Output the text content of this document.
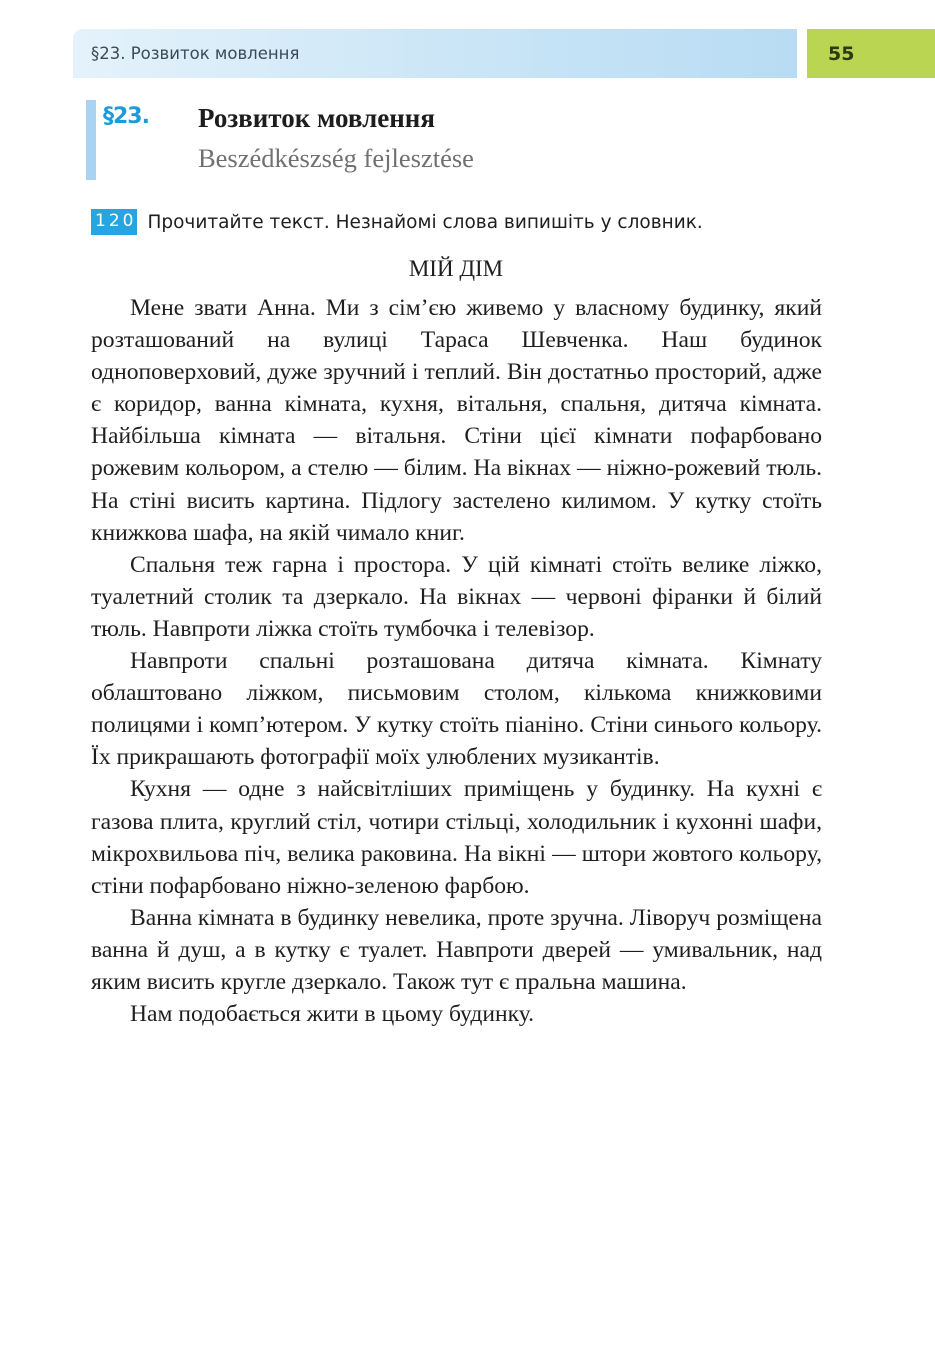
§23. Розвиток мовлення	55
§23. Розвиток мовлення
Beszédkészség fejlesztése
120 Прочитайте текст. Незнайомі слова випишіть у словник.
МІЙ ДІМ

Мене звати Анна. Ми з сім’єю живемо у власному будинку, який розташований на вулиці Тараса Шевченка. Наш будинок одноповерховий, дуже зручний і теплий. Він достатньо просторий, адже є коридор, ванна кімната, кухня, вітальня, спальня, дитяча кімната. Найбільша кімната — вітальня. Стіни цієї кімнати пофарбовано рожевим кольором, а стелю — білим. На вікнах — ніжно-рожевий тюль. На стіні висить картина. Підлогу застелено килимом. У кутку стоїть книжкова шафа, на якій чимало книг.

Спальня теж гарна і простора. У цій кімнаті стоїть велике ліжко, туалетний столик та дзеркало. На вікнах — червоні фіранки й білий тюль. Навпроти ліжка стоїть тумбочка і телевізор.

Навпроти спальні розташована дитяча кімната. Кімнату облаштовано ліжком, письмовим столом, кількома книжковими полицями і комп’ютером. У кутку стоїть піаніно. Стіни синього кольору. Їх прикрашають фотографії моїх улюблених музикантів.

Кухня — одне з найсвітліших приміщень у будинку. На кухні є газова плита, круглий стіл, чотири стільці, холодильник і кухонні шафи, мікрохвильова піч, велика раковина. На вікні — штори жовтого кольору, стіни пофарбовано ніжно-зеленою фарбою.

Ванна кімната в будинку невелика, проте зручна. Ліворуч розміщена ванна й душ, а в кутку є туалет. Навпроти дверей — умивальник, над яким висить кругле дзеркало. Також тут є пральна машина.

Нам подобається жити в цьому будинку.
